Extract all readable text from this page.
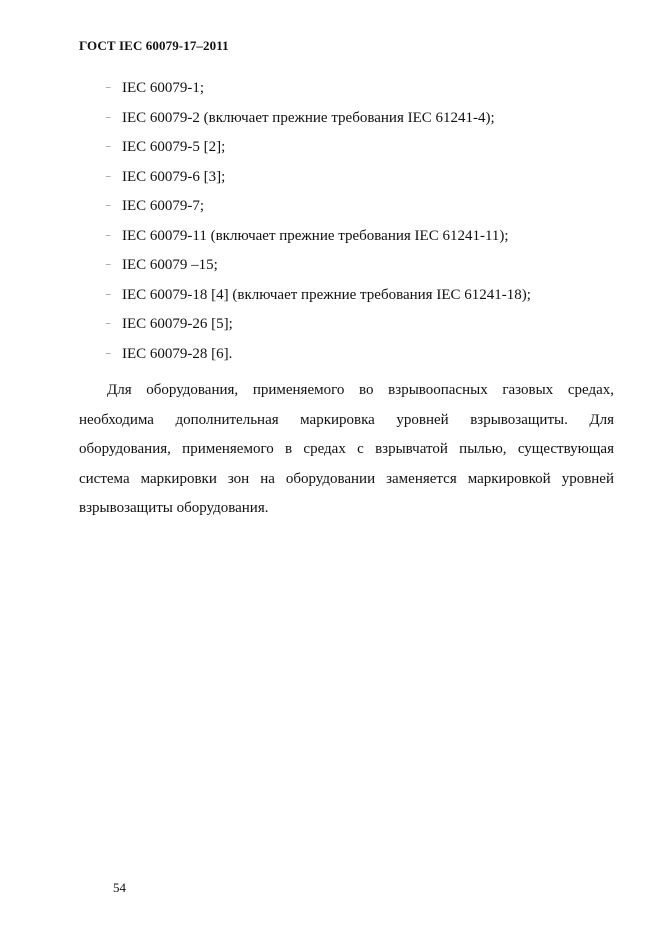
ГОСТ IEC 60079-17–2011
– IEC 60079-1;
– IEC 60079-2 (включает прежние требования IEC 61241-4);
– IEC 60079-5 [2];
– IEC 60079-6 [3];
– IEC 60079-7;
– IEC 60079-11 (включает прежние требования IEC 61241-11);
– IEC 60079 –15;
– IEC 60079-18 [4] (включает прежние требования IEC 61241-18);
– IEC 60079-26 [5];
– IEC 60079-28 [6].

Для оборудования, применяемого во взрывоопасных газовых средах, необходима дополнительная маркировка уровней взрывозащиты. Для оборудования, применяемого в средах с взрывчатой пылью, существующая система маркировки зон на оборудовании заменяется маркировкой уровней взрывозащиты оборудования.

54
